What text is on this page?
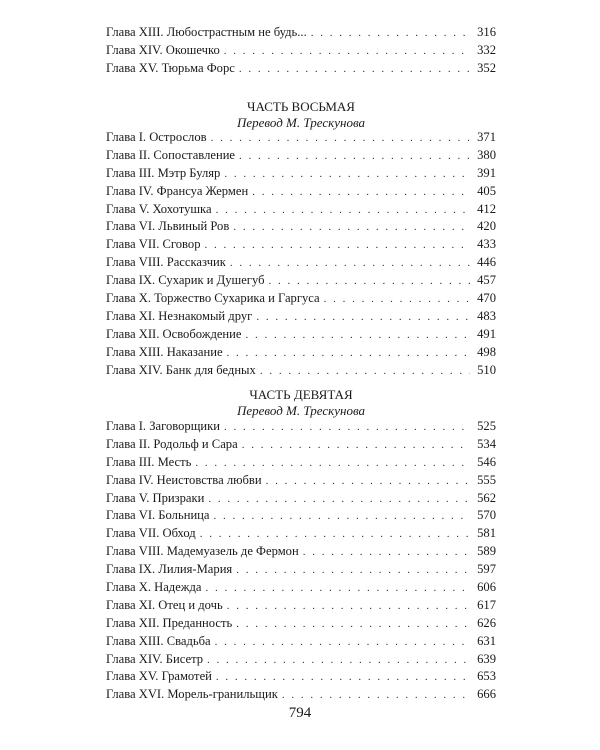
Глава XIII. Любострастным не будь... . . .	316
Глава XIV. Окошечко . . .	332
Глава XV. Тюрьма Форс . . .	352
ЧАСТЬ ВОСЬМАЯ
Перевод М. Трескунова
Глава I. Острослов . . .	371
Глава II. Сопоставление . . .	380
Глава III. Мэтр Буляр . . .	391
Глава IV. Франсуа Жермен . . .	405
Глава V. Хохотушка . . .	412
Глава VI. Львиный Ров . . .	420
Глава VII. Сговор . . .	433
Глава VIII. Рассказчик . . .	446
Глава IX. Сухарик и Душегуб . . .	457
Глава X. Торжество Сухарика и Гаргуса . . .	470
Глава XI. Незнакомый друг . . .	483
Глава XII. Освобождение . . .	491
Глава XIII. Наказание . . .	498
Глава XIV. Банк для бедных . . .	510
ЧАСТЬ ДЕВЯТАЯ
Перевод М. Трескунова
Глава I. Заговорщики . . .	525
Глава II. Родольф и Сара . . .	534
Глава III. Месть . . .	546
Глава IV. Неистовства любви . . .	555
Глава V. Призраки . . .	562
Глава VI. Больница . . .	570
Глава VII. Обход . . .	581
Глава VIII. Мадемуазель де Фермон . . .	589
Глава IX. Лилия-Мария . . .	597
Глава X. Надежда . . .	606
Глава XI. Отец и дочь . . .	617
Глава XII. Преданность . . .	626
Глава XIII. Свадьба . . .	631
Глава XIV. Бисетр . . .	639
Глава XV. Грамотей . . .	653
Глава XVI. Морель-гранильщик . . .	666
794
